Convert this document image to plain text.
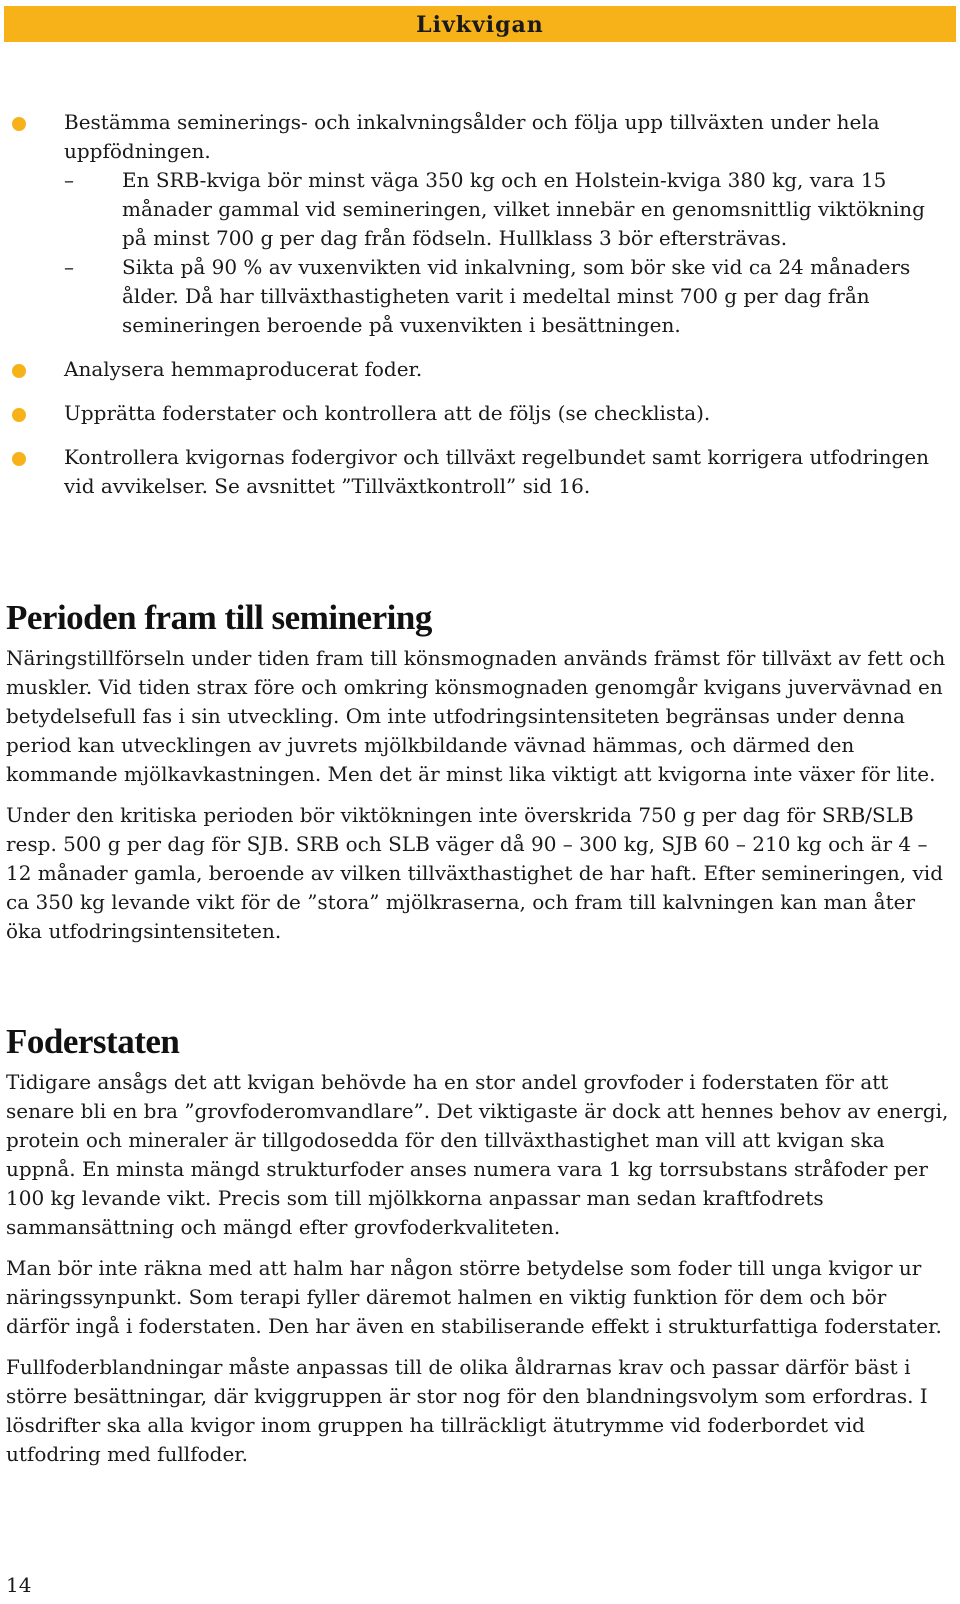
Livkvigan
Bestämma seminerings- och inkalvningsålder och följa upp tillväxten under hela uppfödningen.
– En SRB-kviga bör minst väga 350 kg och en Holstein-kviga 380 kg, vara 15 månader gammal vid semineringen, vilket innebär en genomsnittlig viktökning på minst 700 g per dag från födseln. Hullklass 3 bör eftersträvas.
– Sikta på 90 % av vuxenvikten vid inkalvning, som bör ske vid ca 24 månaders ålder. Då har tillväxthastigheten varit i medeltal minst 700 g per dag från semineringen beroende på vuxenvikten i besättningen.
Analysera hemmaproducerat foder.
Upprätta foderstater och kontrollera att de följs (se checklista).
Kontrollera kvigornas fodergivor och tillväxt regelbundet samt korrigera utfodringen vid avvikelser. Se avsnittet ”Tillväxtkontroll” sid 16.
Perioden fram till seminering

Näringstillförseln under tiden fram till könsmognaden används främst för tillväxt av fett och muskler. Vid tiden strax före och omkring könsmognaden genomgår kvigans juvervävnad en betydelsefull fas i sin utveckling. Om inte utfodringsintensiteten begränsas under denna period kan utvecklingen av juvrets mjölkbildande vävnad hämmas, och därmed den kommande mjölkavkastningen. Men det är minst lika viktigt att kvigorna inte växer för lite.

Under den kritiska perioden bör viktökningen inte överskrida 750 g per dag för SRB/SLB resp. 500 g per dag för SJB. SRB och SLB väger då 90 – 300 kg, SJB 60 – 210 kg och är 4 – 12 månader gamla, beroende av vilken tillväxthastighet de har haft. Efter semineringen, vid ca 350 kg levande vikt för de ”stora” mjölkraserna, och fram till kalvningen kan man åter öka utfodringsintensiteten.

Foderstaten

Tidigare ansågs det att kvigan behövde ha en stor andel grovfoder i foderstaten för att senare bli en bra ”grovfoderomvandlare”. Det viktigaste är dock att hennes behov av energi, protein och mineraler är tillgodosedda för den tillväxthastighet man vill att kvigan ska uppnå. En minsta mängd strukturfoder anses numera vara 1 kg torrsubstans stråfoder per 100 kg levande vikt. Precis som till mjölkkorna anpassar man sedan kraftfodrets sammansättning och mängd efter grovfoderkvaliteten.

Man bör inte räkna med att halm har någon större betydelse som foder till unga kvigor ur näringssynpunkt. Som terapi fyller däremot halmen en viktig funktion för dem och bör därför ingå i foderstaten. Den har även en stabiliserande effekt i strukturfattiga foderstater.

Fullfoderblandningar måste anpassas till de olika åldrarnas krav och passar därför bäst i större besättningar, där kviggruppen är stor nog för den blandningsvolym som erfordras. I lösdrifter ska alla kvigor inom gruppen ha tillräckligt ätutrymme vid foderbordet vid utfodring med fullfoder.

14
